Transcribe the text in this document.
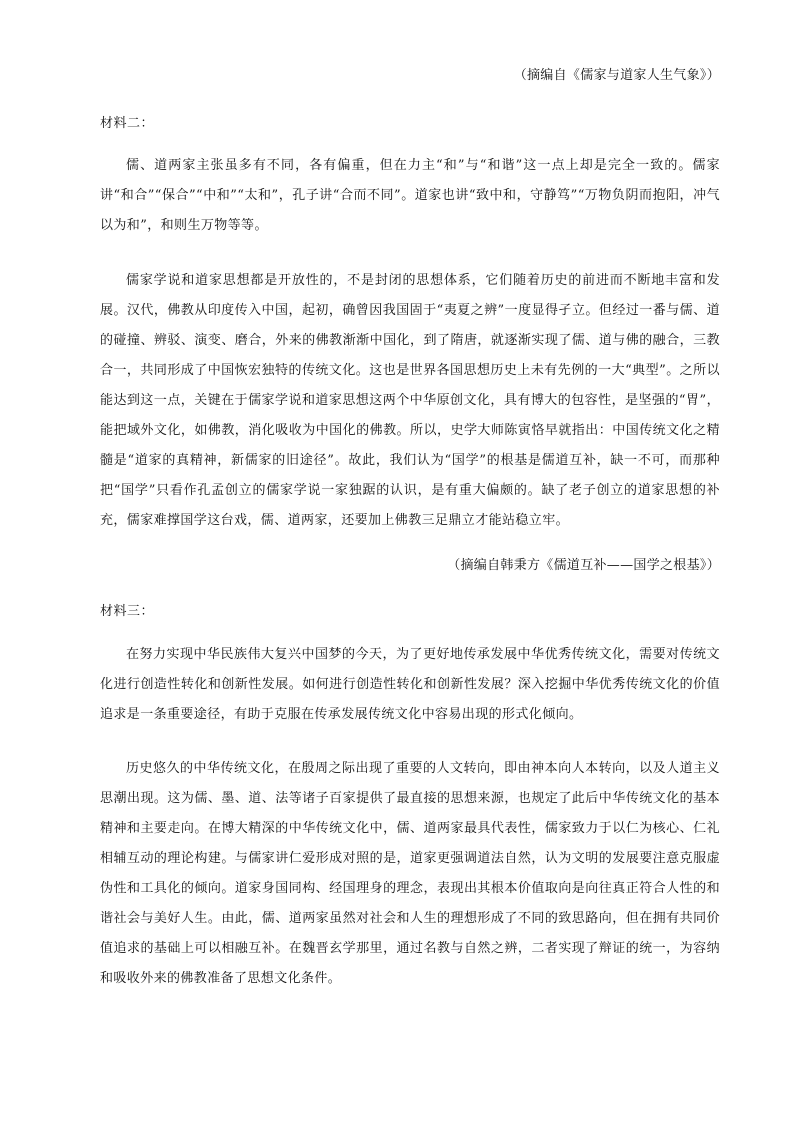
（摘编自《儒家与道家人生气象》）
材料二：

儒、道两家主张虽多有不同，各有偏重，但在力主“和”与“和谐”这一点上却是完全一致的。儒家讲“和合”“保合”“中和”“太和”，孔子讲“合而不同”。道家也讲“致中和，守静笃”“万物负阴而抱阳，冲气以为和”，和则生万物等等。

儒家学说和道家思想都是开放性的，不是封闭的思想体系，它们随着历史的前进而不断地丰富和发展。汉代，佛教从印度传入中国，起初，确曾因我国固于“夷夏之辨”一度显得孑立。但经过一番与儒、道的碰撞、辨驳、演变、磨合，外来的佛教渐渐中国化，到了隋唐，就逐渐实现了儒、道与佛的融合，三教合一，共同形成了中国恢宏独特的传统文化。这也是世界各国思想历史上未有先例的一大“典型”。之所以能达到这一点，关键在于儒家学说和道家思想这两个中华原创文化，具有博大的包容性，是坚强的“胃”，能把域外文化，如佛教，消化吸收为中国化的佛教。所以，史学大师陈寅恪早就指出：中国传统文化之精髓是“道家的真精神，新儒家的旧途径”。故此，我们认为“国学”的根基是儒道互补，缺一不可，而那种把“国学”只看作孔孟创立的儒家学说一家独踞的认识，是有重大偏颇的。缺了老子创立的道家思想的补充，儒家难撑国学这台戏，儒、道两家，还要加上佛教三足鼎立才能站稳立牢。

（摘编自韩秉方《儒道互补——国学之根基》）
材料三：

在努力实现中华民族伟大复兴中国梦的今天，为了更好地传承发展中华优秀传统文化，需要对传统文化进行创造性转化和创新性发展。如何进行创造性转化和创新性发展？深入挖掘中华优秀传统文化的价值追求是一条重要途径，有助于克服在传承发展传统文化中容易出现的形式化倾向。

历史悠久的中华传统文化，在殷周之际出现了重要的人文转向，即由神本向人本转向，以及人道主义思潮出现。这为儒、墨、道、法等诸子百家提供了最直接的思想来源，也规定了此后中华传统文化的基本精神和主要走向。在博大精深的中华传统文化中，儒、道两家最具代表性，儒家致力于以仁为核心、仁礼相辅互动的理论构建。与儒家讲仁爱形成对照的是，道家更强调道法自然，认为文明的发展要注意克服虚伪性和工具化的倾向。道家身国同构、经国理身的理念，表现出其根本价值取向是向往真正符合人性的和谐社会与美好人生。由此，儒、道两家虽然对社会和人生的理想形成了不同的致思路向，但在拥有共同价值追求的基础上可以相融互补。在魏晋玄学那里，通过名教与自然之辨，二者实现了辩证的统一，为容纳和吸收外来的佛教准备了思想文化条件。
